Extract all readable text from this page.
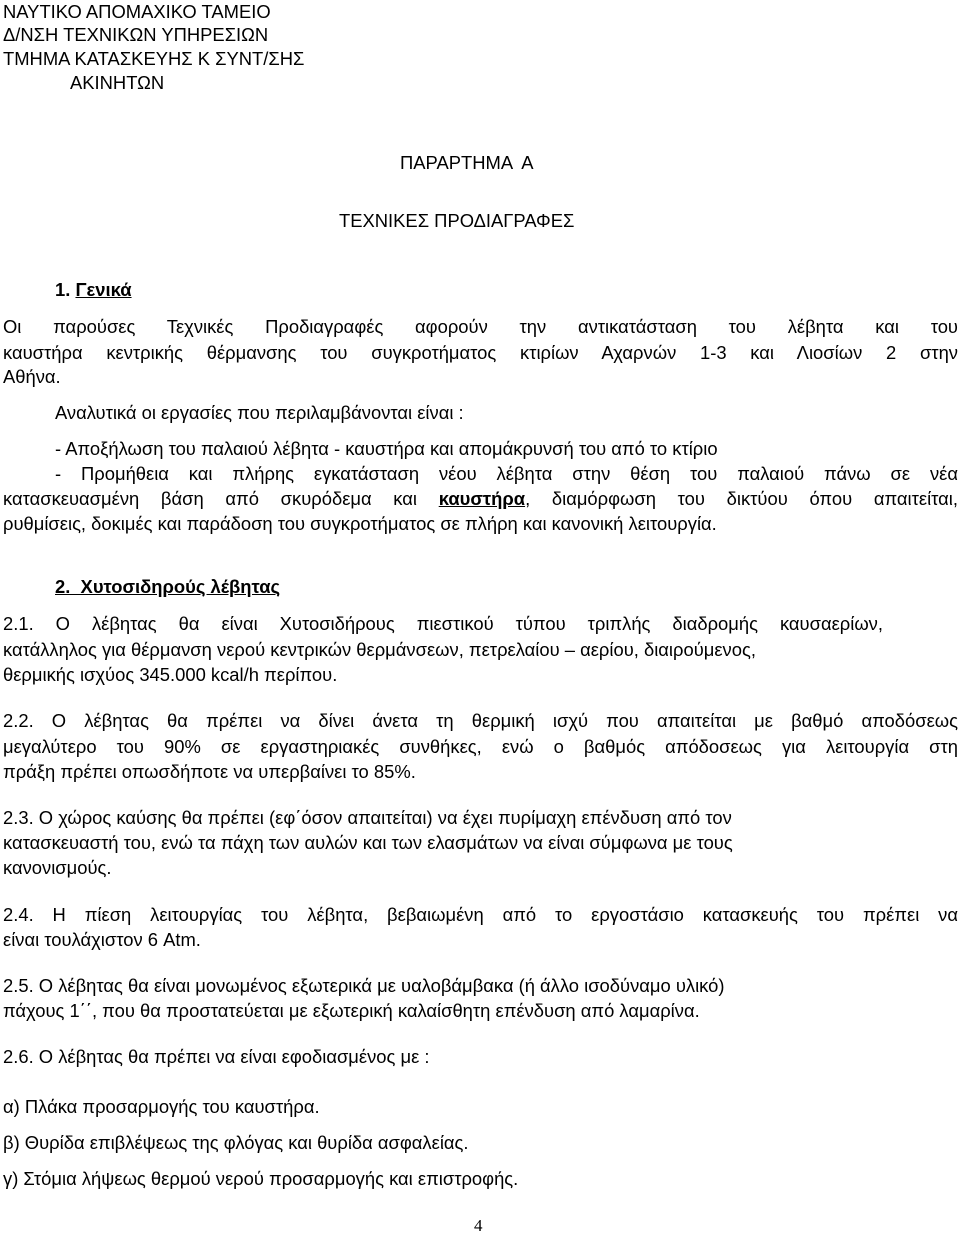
ΝΑΥΤΙΚΟ ΑΠΟΜΑΧΙΚΟ ΤΑΜΕΙΟ
Δ/ΝΣΗ ΤΕΧΝΙΚΩΝ ΥΠΗΡΕΣΙΩΝ
ΤΜΗΜΑ ΚΑΤΑΣΚΕΥΗΣ Κ ΣΥΝΤ/ΣΗΣ
ΑΚΙΝΗΤΩΝ
ΠΑΡΑΡΤΗΜΑ  Α
ΤΕΧΝΙΚΕΣ ΠΡΟΔΙΑΓΡΑΦΕΣ
1. Γενικά
Οι παρούσες Τεχνικές Προδιαγραφές αφορούν την αντικατάσταση του λέβητα και του
καυστήρα κεντρικής θέρμανσης του συγκροτήματος κτιρίων Αχαρνών 1-3 και Λιοσίων 2 στην
Αθήνα.
Αναλυτικά οι εργασίες που περιλαμβάνονται είναι :
- Αποξήλωση του παλαιού λέβητα - καυστήρα και απομάκρυνσή του από το κτίριο
- Προμήθεια και πλήρης εγκατάσταση νέου λέβητα στην θέση του παλαιού πάνω σε νέα
κατασκευασμένη βάση από σκυρόδεμα και καυστήρα, διαμόρφωση του δικτύου όπου απαιτείται,
ρυθμίσεις, δοκιμές και παράδοση του συγκροτήματος σε πλήρη και κανονική λειτουργία.
2.  Χυτοσιδηρούς λέβητας
2.1. Ο λέβητας θα είναι Χυτοσιδήρους πιεστικού τύπου τριπλής διαδρομής καυσαερίων,
κατάλληλος για θέρμανση νερού κεντρικών θερμάνσεων, πετρελαίου – αερίου, διαιρούμενος,
θερμικής ισχύος 345.000 kcal/h περίπου.
2.2. Ο λέβητας θα πρέπει να δίνει άνετα τη θερμική ισχύ που απαιτείται με βαθμό αποδόσεως
μεγαλύτερο του 90% σε εργαστηριακές συνθήκες, ενώ ο βαθμός απόδοσεως για λειτουργία στη
πράξη πρέπει οπωσδήποτε να υπερβαίνει το 85%.
2.3. Ο χώρος καύσης θα πρέπει (εφ΄όσον απαιτείται) να έχει πυρίμαχη επένδυση από τον
κατασκευαστή του, ενώ τα πάχη των αυλών και των ελασμάτων να είναι σύμφωνα με τους
κανονισμούς.
2.4. Η πίεση λειτουργίας του λέβητα, βεβαιωμένη από το εργοστάσιο κατασκευής του πρέπει να
είναι τουλάχιστον 6 Atm.
2.5. Ο λέβητας θα είναι μονωμένος εξωτερικά με υαλοβάμβακα (ή άλλο ισοδύναμο υλικό)
πάχους 1΄΄, που θα προστατεύεται με εξωτερική καλαίσθητη επένδυση από λαμαρίνα.
2.6. Ο λέβητας θα πρέπει να είναι εφοδιασμένος με :
α) Πλάκα προσαρμογής του καυστήρα.
β) Θυρίδα επιβλέψεως της φλόγας και θυρίδα ασφαλείας.
γ) Στόμια λήψεως θερμού νερού προσαρμογής και επιστροφής.
4
